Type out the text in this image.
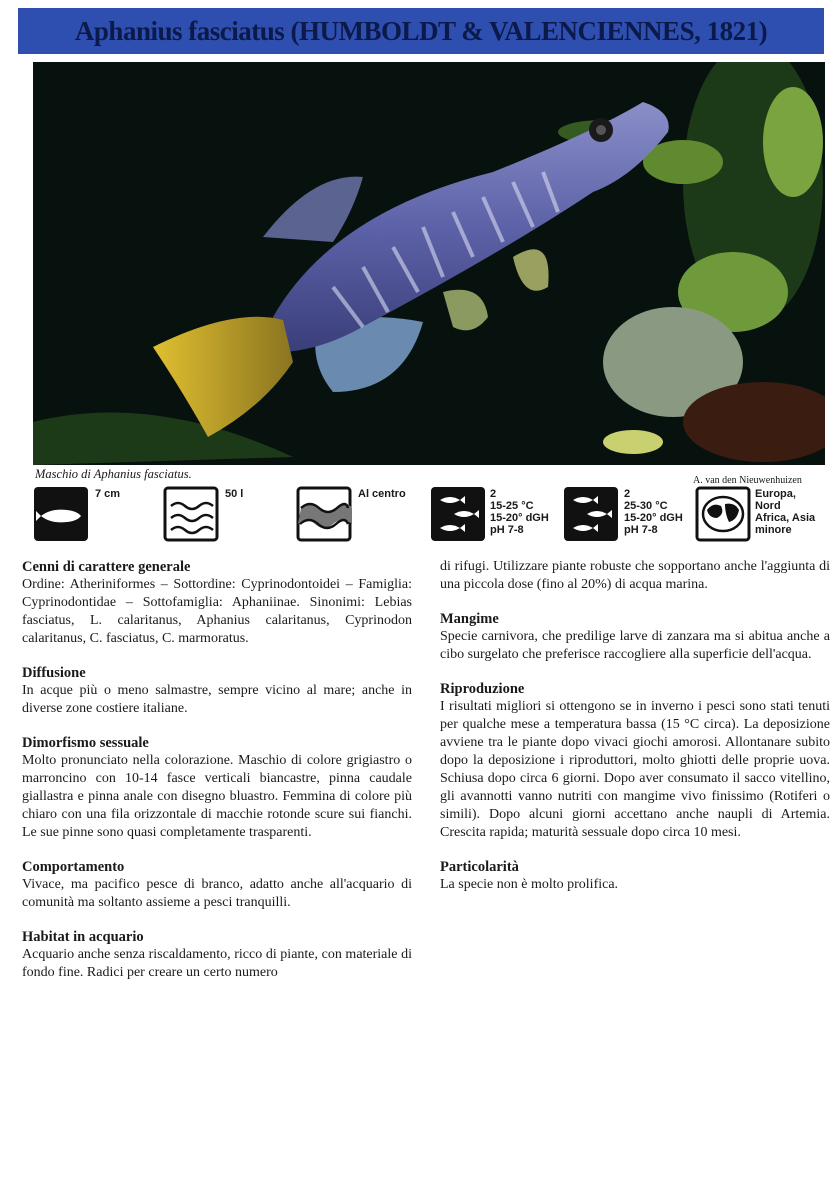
Aphanius fasciatus (HUMBOLDT & VALENCIENNES, 1821)
Maschio di Aphanius fasciatus.	A. van den Nieuwenhuizen
7 cm	50 l	Al centro	2
15-25 °C
15-20° dGH
pH 7-8
2
25-30 °C
15-20° dGH
pH 7-8
Europa,
Nord
Africa, Asia
minore
Cenni di carattere generale

Ordine: Atheriniformes – Sottordine: Cyprinodontoidei – Famiglia: Cyprinodontidae – Sottofamiglia: Aphaniinae. Sinonimi: Lebias fasciatus, L. calaritanus, Aphanius calaritanus, Cyprinodon calaritanus, C. fasciatus, C. marmoratus.

Diffusione

In acque più o meno salmastre, sempre vicino al mare; anche in diverse zone costiere italiane.

Dimorfismo sessuale

Molto pronunciato nella colorazione. Maschio di colore grigiastro o marroncino con 10-14 fasce verticali biancastre, pinna caudale giallastra e pinna anale con disegno bluastro. Femmina di colore più chiaro con una fila orizzontale di macchie rotonde scure sui fianchi. Le sue pinne sono quasi completamente trasparenti.

Comportamento

Vivace, ma pacifico pesce di branco, adatto anche all'acquario di comunità ma soltanto assieme a pesci tranquilli.

Habitat in acquario

Acquario anche senza riscaldamento, ricco di piante, con materiale di fondo fine. Radici per creare un certo numero

di rifugi. Utilizzare piante robuste che sopportano anche l'aggiunta di una piccola dose (fino al 20%) di acqua marina.

Mangime

Specie carnivora, che predilige larve di zanzara ma si abitua anche a cibo surgelato che preferisce raccogliere alla superficie dell'acqua.

Riproduzione

I risultati migliori si ottengono se in inverno i pesci sono stati tenuti per qualche mese a temperatura bassa (15 °C circa). La deposizione avviene tra le piante dopo vivaci giochi amorosi. Allontanare subito dopo la deposizione i riproduttori, molto ghiotti delle proprie uova. Schiusa dopo circa 6 giorni. Dopo aver consumato il sacco vitellino, gli avannotti vanno nutriti con mangime vivo finissimo (Rotiferi o simili). Dopo alcuni giorni accettano anche naupli di Artemia. Crescita rapida; maturità sessuale dopo circa 10 mesi.

Particolarità

La specie non è molto prolifica.
